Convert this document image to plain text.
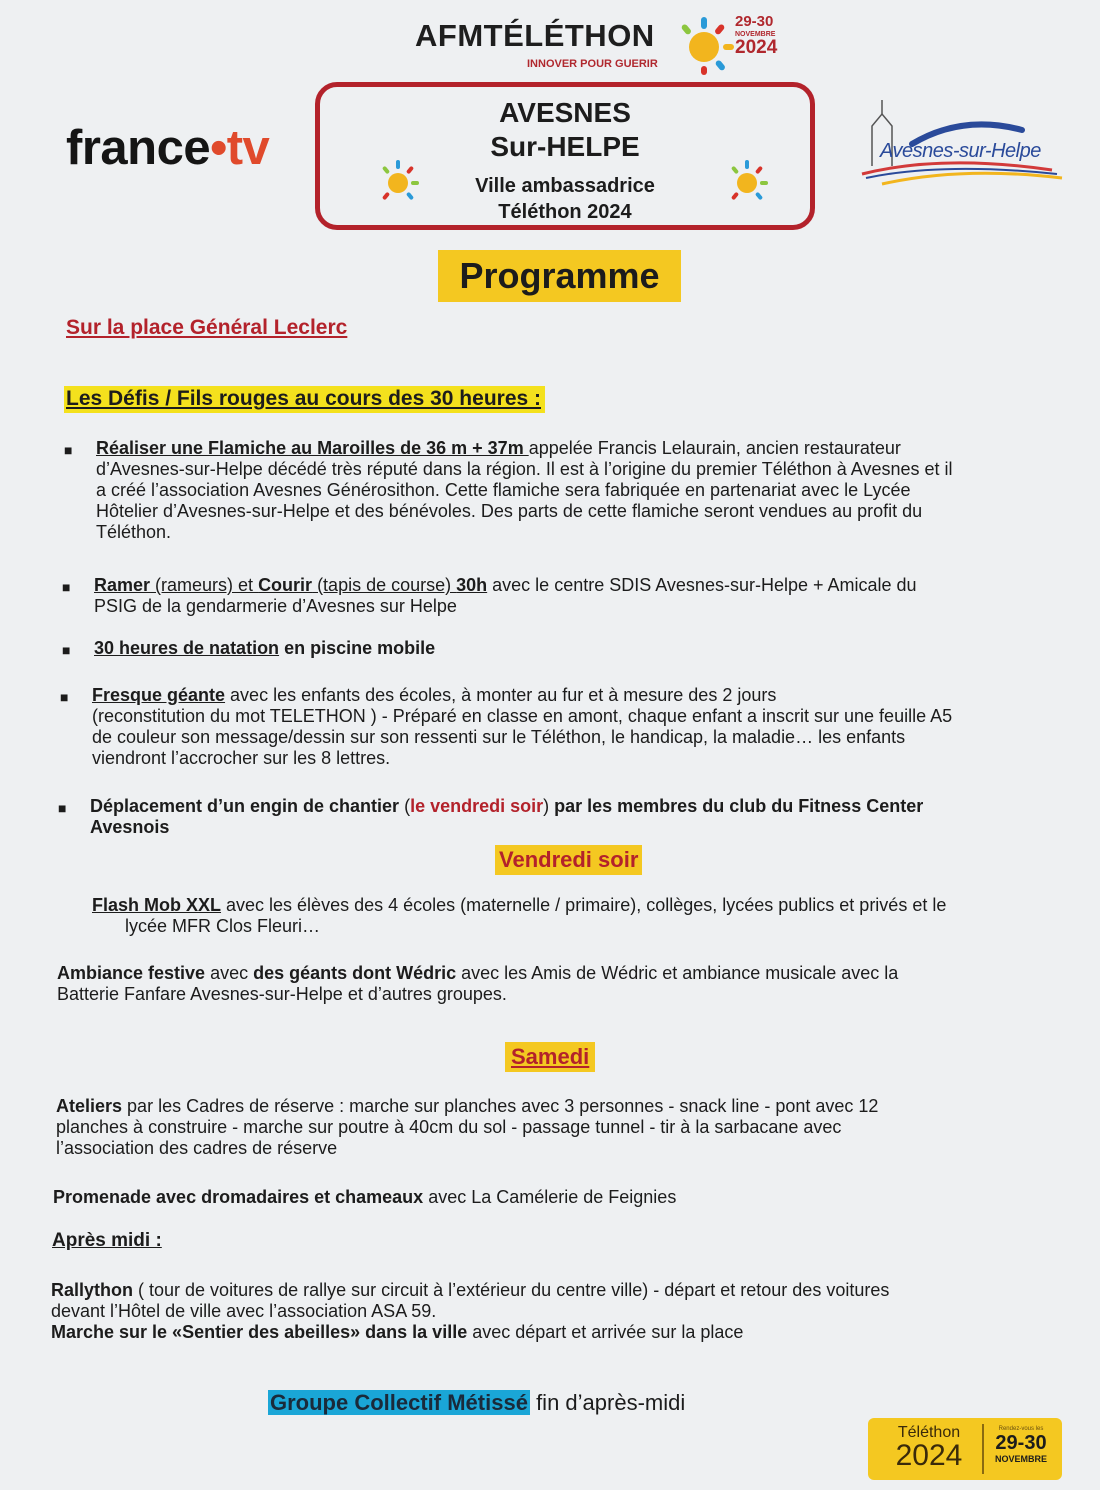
AFMTÉLÉTHON
INNOVER POUR GUERIR
29-30
NOVEMBRE
2024
france•tv
AVESNES
Sur-HELPE
Ville ambassadrice
Téléthon 2024
Avesnes-sur-Helpe
Programme
Sur la place Général Leclerc
Les Défis / Fils rouges au cours des 30 heures :
■ Réaliser une Flamiche au Maroilles de 36 m + 37m appelée Francis Lelaurain, ancien restaurateur
d’Avesnes-sur-Helpe décédé très réputé dans la région. Il est à l’origine du premier Téléthon à Avesnes et il
a créé l’association Avesnes Générosithon. Cette flamiche sera fabriquée en partenariat avec le Lycée
Hôtelier d’Avesnes-sur-Helpe et des bénévoles. Des parts de cette flamiche seront vendues au profit du
Téléthon.
■ Ramer (rameurs) et Courir (tapis de course) 30h avec le centre SDIS Avesnes-sur-Helpe + Amicale du
PSIG de la gendarmerie d’Avesnes sur Helpe
■ 30 heures de natation en piscine mobile
■ Fresque géante avec les enfants des écoles, à monter au fur et à mesure des 2 jours
(reconstitution du mot TELETHON ) - Préparé en classe en amont, chaque enfant a inscrit sur une feuille A5
de couleur son message/dessin sur son ressenti sur le Téléthon, le handicap, la maladie… les enfants
viendront l’accrocher sur les 8 lettres.
■ Déplacement d’un engin de chantier (le vendredi soir) par les membres du club du Fitness Center
Avesnois
Vendredi soir
Flash Mob XXL avec les élèves des 4 écoles (maternelle / primaire), collèges, lycées publics et privés et le
lycée MFR Clos Fleuri…
Ambiance festive avec des géants dont Wédric avec les Amis de Wédric et ambiance musicale avec la
Batterie Fanfare Avesnes-sur-Helpe et d’autres groupes.
Samedi
Ateliers par les Cadres de réserve : marche sur planches avec 3 personnes - snack line - pont avec 12
planches à construire - marche sur poutre à 40cm du sol - passage tunnel - tir à la sarbacane avec
l’association des cadres de réserve
Promenade avec dromadaires et chameaux avec La Camélerie de Feignies
Après midi :
Rallython ( tour de voitures de rallye sur circuit à l’extérieur du centre ville) - départ et retour des voitures
devant l’Hôtel de ville avec l’association ASA 59.
Marche sur le «Sentier des abeilles» dans la ville avec départ et arrivée sur la place
Groupe Collectif Métissé fin d’après-midi
Téléthon
2024
Rendez-vous les
29-30
NOVEMBRE
